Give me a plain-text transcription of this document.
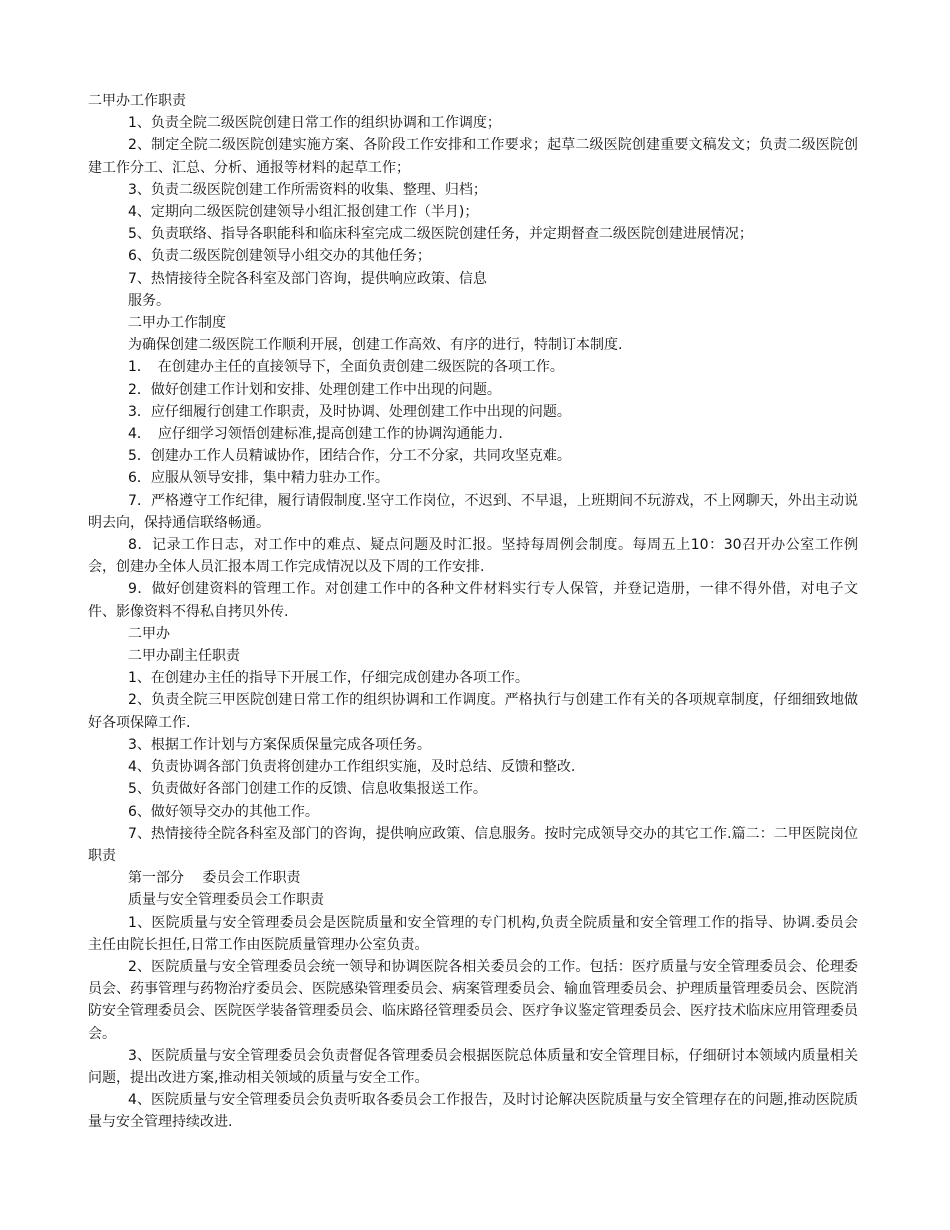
二甲办工作职责
1、负责全院二级医院创建日常工作的组织协调和工作调度；
2、制定全院二级医院创建实施方案、各阶段工作安排和工作要求；起草二级医院创建重要文稿发文；负责二级医院创建工作分工、汇总、分析、通报等材料的起草工作；
3、负责二级医院创建工作所需资料的收集、整理、归档；
4、定期向二级医院创建领导小组汇报创建工作（半月)；
5、负责联络、指导各职能科和临床科室完成二级医院创建任务，并定期督查二级医院创建进展情况；
6、负责二级医院创建领导小组交办的其他任务；
7、热情接待全院各科室及部门咨询，提供响应政策、信息
服务。
二甲办工作制度
为确保创建二级医院工作顺利开展，创建工作高效、有序的进行，特制订本制度.
1．　在创建办主任的直接领导下，全面负责创建二级医院的各项工作。
2．做好创建工作计划和安排、处理创建工作中出现的问题。
3．应仔细履行创建工作职责，及时协调、处理创建工作中出现的问题。
4．　应仔细学习领悟创建标准,提高创建工作的协调沟通能力.
5．创建办工作人员精诚协作，团结合作，分工不分家，共同攻坚克难。
6．应服从领导安排，集中精力驻办工作。
7．严格遵守工作纪律，履行请假制度.坚守工作岗位，不迟到、不早退，上班期间不玩游戏，不上网聊天，外出主动说明去向，保持通信联络畅通。
8．记录工作日志，对工作中的难点、疑点问题及时汇报。坚持每周例会制度。每周五上10：30召开办公室工作例会，创建办全体人员汇报本周工作完成情况以及下周的工作安排.
9．做好创建资料的管理工作。对创建工作中的各种文件材料实行专人保管，并登记造册，一律不得外借，对电子文件、影像资料不得私自拷贝外传.
二甲办
二甲办副主任职责
1、在创建办主任的指导下开展工作，仔细完成创建办各项工作。
2、负责全院三甲医院创建日常工作的组织协调和工作调度。严格执行与创建工作有关的各项规章制度，仔细细致地做好各项保障工作.
3、根据工作计划与方案保质保量完成各项任务。
4、负责协调各部门负责将创建办工作组织实施，及时总结、反馈和整改.
5、负责做好各部门创建工作的反馈、信息收集报送工作。
6、做好领导交办的其他工作。
7、热情接待全院各科室及部门的咨询，提供响应政策、信息服务。按时完成领导交办的其它工作.篇二：二甲医院岗位职责
第一部分　 委员会工作职责
质量与安全管理委员会工作职责
1、医院质量与安全管理委员会是医院质量和安全管理的专门机构,负责全院质量和安全管理工作的指导、协调.委员会主任由院长担任,日常工作由医院质量管理办公室负责。
2、医院质量与安全管理委员会统一领导和协调医院各相关委员会的工作。包括：医疗质量与安全管理委员会、伦理委员会、药事管理与药物治疗委员会、医院感染管理委员会、病案管理委员会、输血管理委员会、护理质量管理委员会、医院消防安全管理委员会、医院医学装备管理委员会、临床路径管理委员会、医疗争议鉴定管理委员会、医疗技术临床应用管理委员会。
3、医院质量与安全管理委员会负责督促各管理委员会根据医院总体质量和安全管理目标，仔细研讨本领域内质量相关问题，提出改进方案,推动相关领域的质量与安全工作。
4、医院质量与安全管理委员会负责听取各委员会工作报告，及时讨论解决医院质量与安全管理存在的问题,推动医院质量与安全管理持续改进.
